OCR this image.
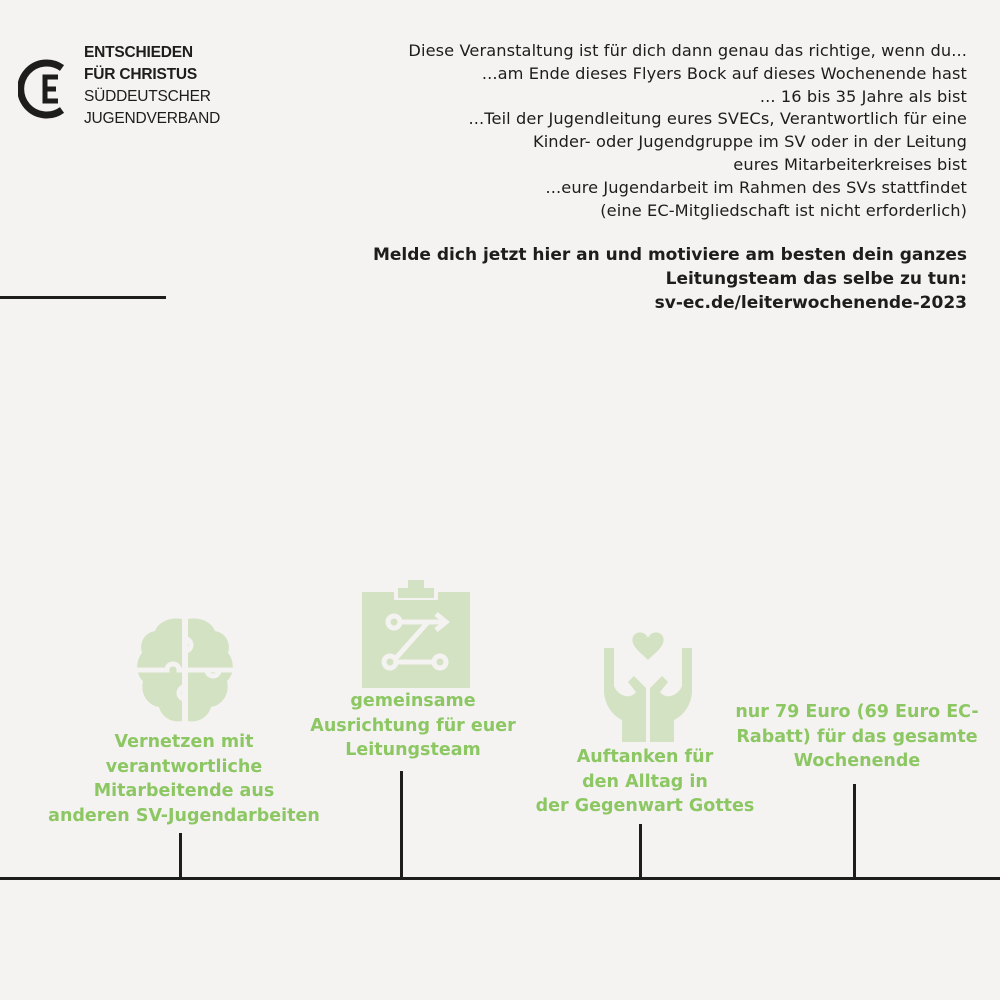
ENTSCHIEDEN
FÜR CHRISTUS
SÜDDEUTSCHER
JUGENDVERBAND
Diese Veranstaltung ist für dich dann genau das richtige, wenn du...
...am Ende dieses Flyers Bock auf dieses Wochenende hast
... 16 bis 35 Jahre als bist
...Teil der Jugendleitung eures SVECs, Verantwortlich für eine
Kinder- oder Jugendgruppe im SV oder in der Leitung
eures Mitarbeiterkreises bist
...eure Jugendarbeit im Rahmen des SVs stattfindet
(eine EC-Mitgliedschaft ist nicht erforderlich)
Melde dich jetzt hier an und motiviere am besten dein ganzes
Leitungsteam das selbe zu tun:
sv-ec.de/leiterwochenende-2023
Vernetzen mit
verantwortliche
Mitarbeitende aus
anderen SV-Jugendarbeiten
gemeinsame
Ausrichtung für euer
Leitungsteam	Auftanken für
den Alltag in
der Gegenwart Gottes
nur 79 Euro (69 Euro EC-
Rabatt) für das gesamte
Wochenende
